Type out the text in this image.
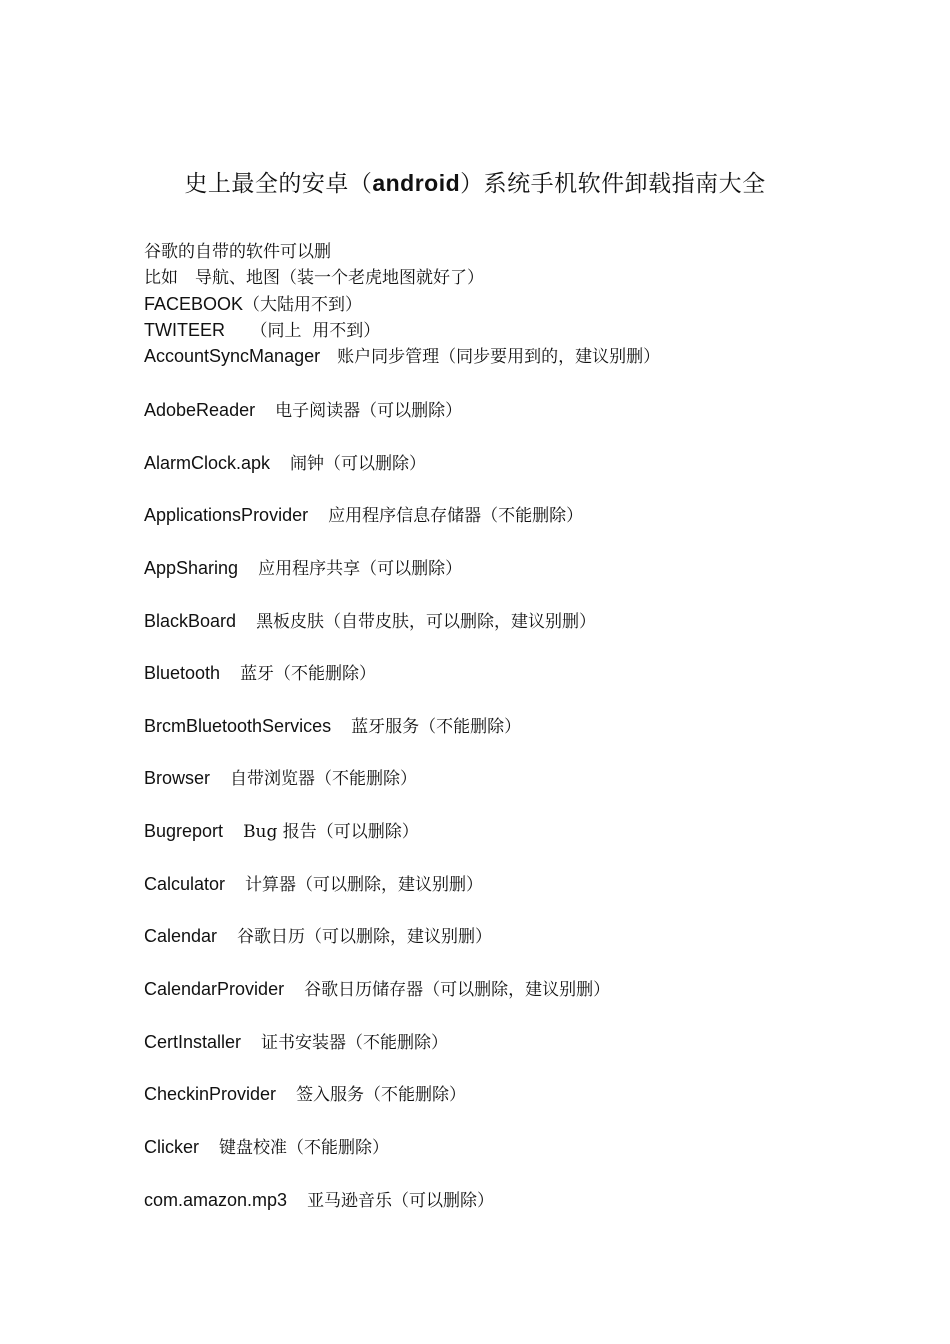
史上最全的安卓（android）系统手机软件卸载指南大全
谷歌的自带的软件可以删
比如　导航、地图（装一个老虎地图就好了）
FACEBOOK（大陆用不到）
TWITEER　　（同上  用不到）
AccountSyncManager　账户同步管理（同步要用到的，建议别删）
AdobeReader 电子阅读器（可以删除）
AlarmClock.apk 闹钟（可以删除）
ApplicationsProvider 应用程序信息存储器（不能删除）
AppSharing 应用程序共享（可以删除）
BlackBoard 黑板皮肤（自带皮肤，可以删除，建议别删）
Bluetooth 蓝牙（不能删除）
BrcmBluetoothServices 蓝牙服务（不能删除）
Browser 自带浏览器（不能删除）
Bugreport Bug 报告（可以删除）
Calculator 计算器（可以删除，建议别删）
Calendar 谷歌日历（可以删除，建议别删）
CalendarProvider 谷歌日历储存器（可以删除，建议别删）
CertInstaller 证书安装器（不能删除）
CheckinProvider 签入服务（不能删除）
Clicker 键盘校准（不能删除）
com.amazon.mp3 亚马逊音乐（可以删除）
